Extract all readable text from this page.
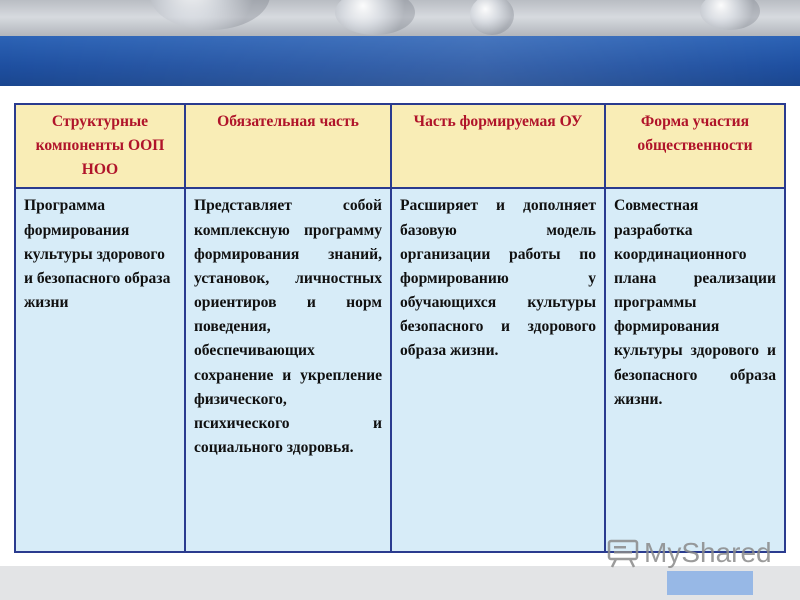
Структурные компоненты ООП НОО	Обязательная часть	Часть формируемая ОУ	Форма участия общественности
Программа формирования культуры здорового и безопасного образа жизни	Представляет собой комплексную программу формирования знаний, установок, личностных ориентиров и норм поведения, обеспечивающих сохранение и укрепление физического, психического и социального здоровья.	Расширяет и дополняет базовую модель организации работы по формированию у обучающихся культуры безопасного и здорового образа жизни.	Совместная разработка координационного плана реализации программы формирования культуры здорового и безопасного образа жизни.
MyShared
